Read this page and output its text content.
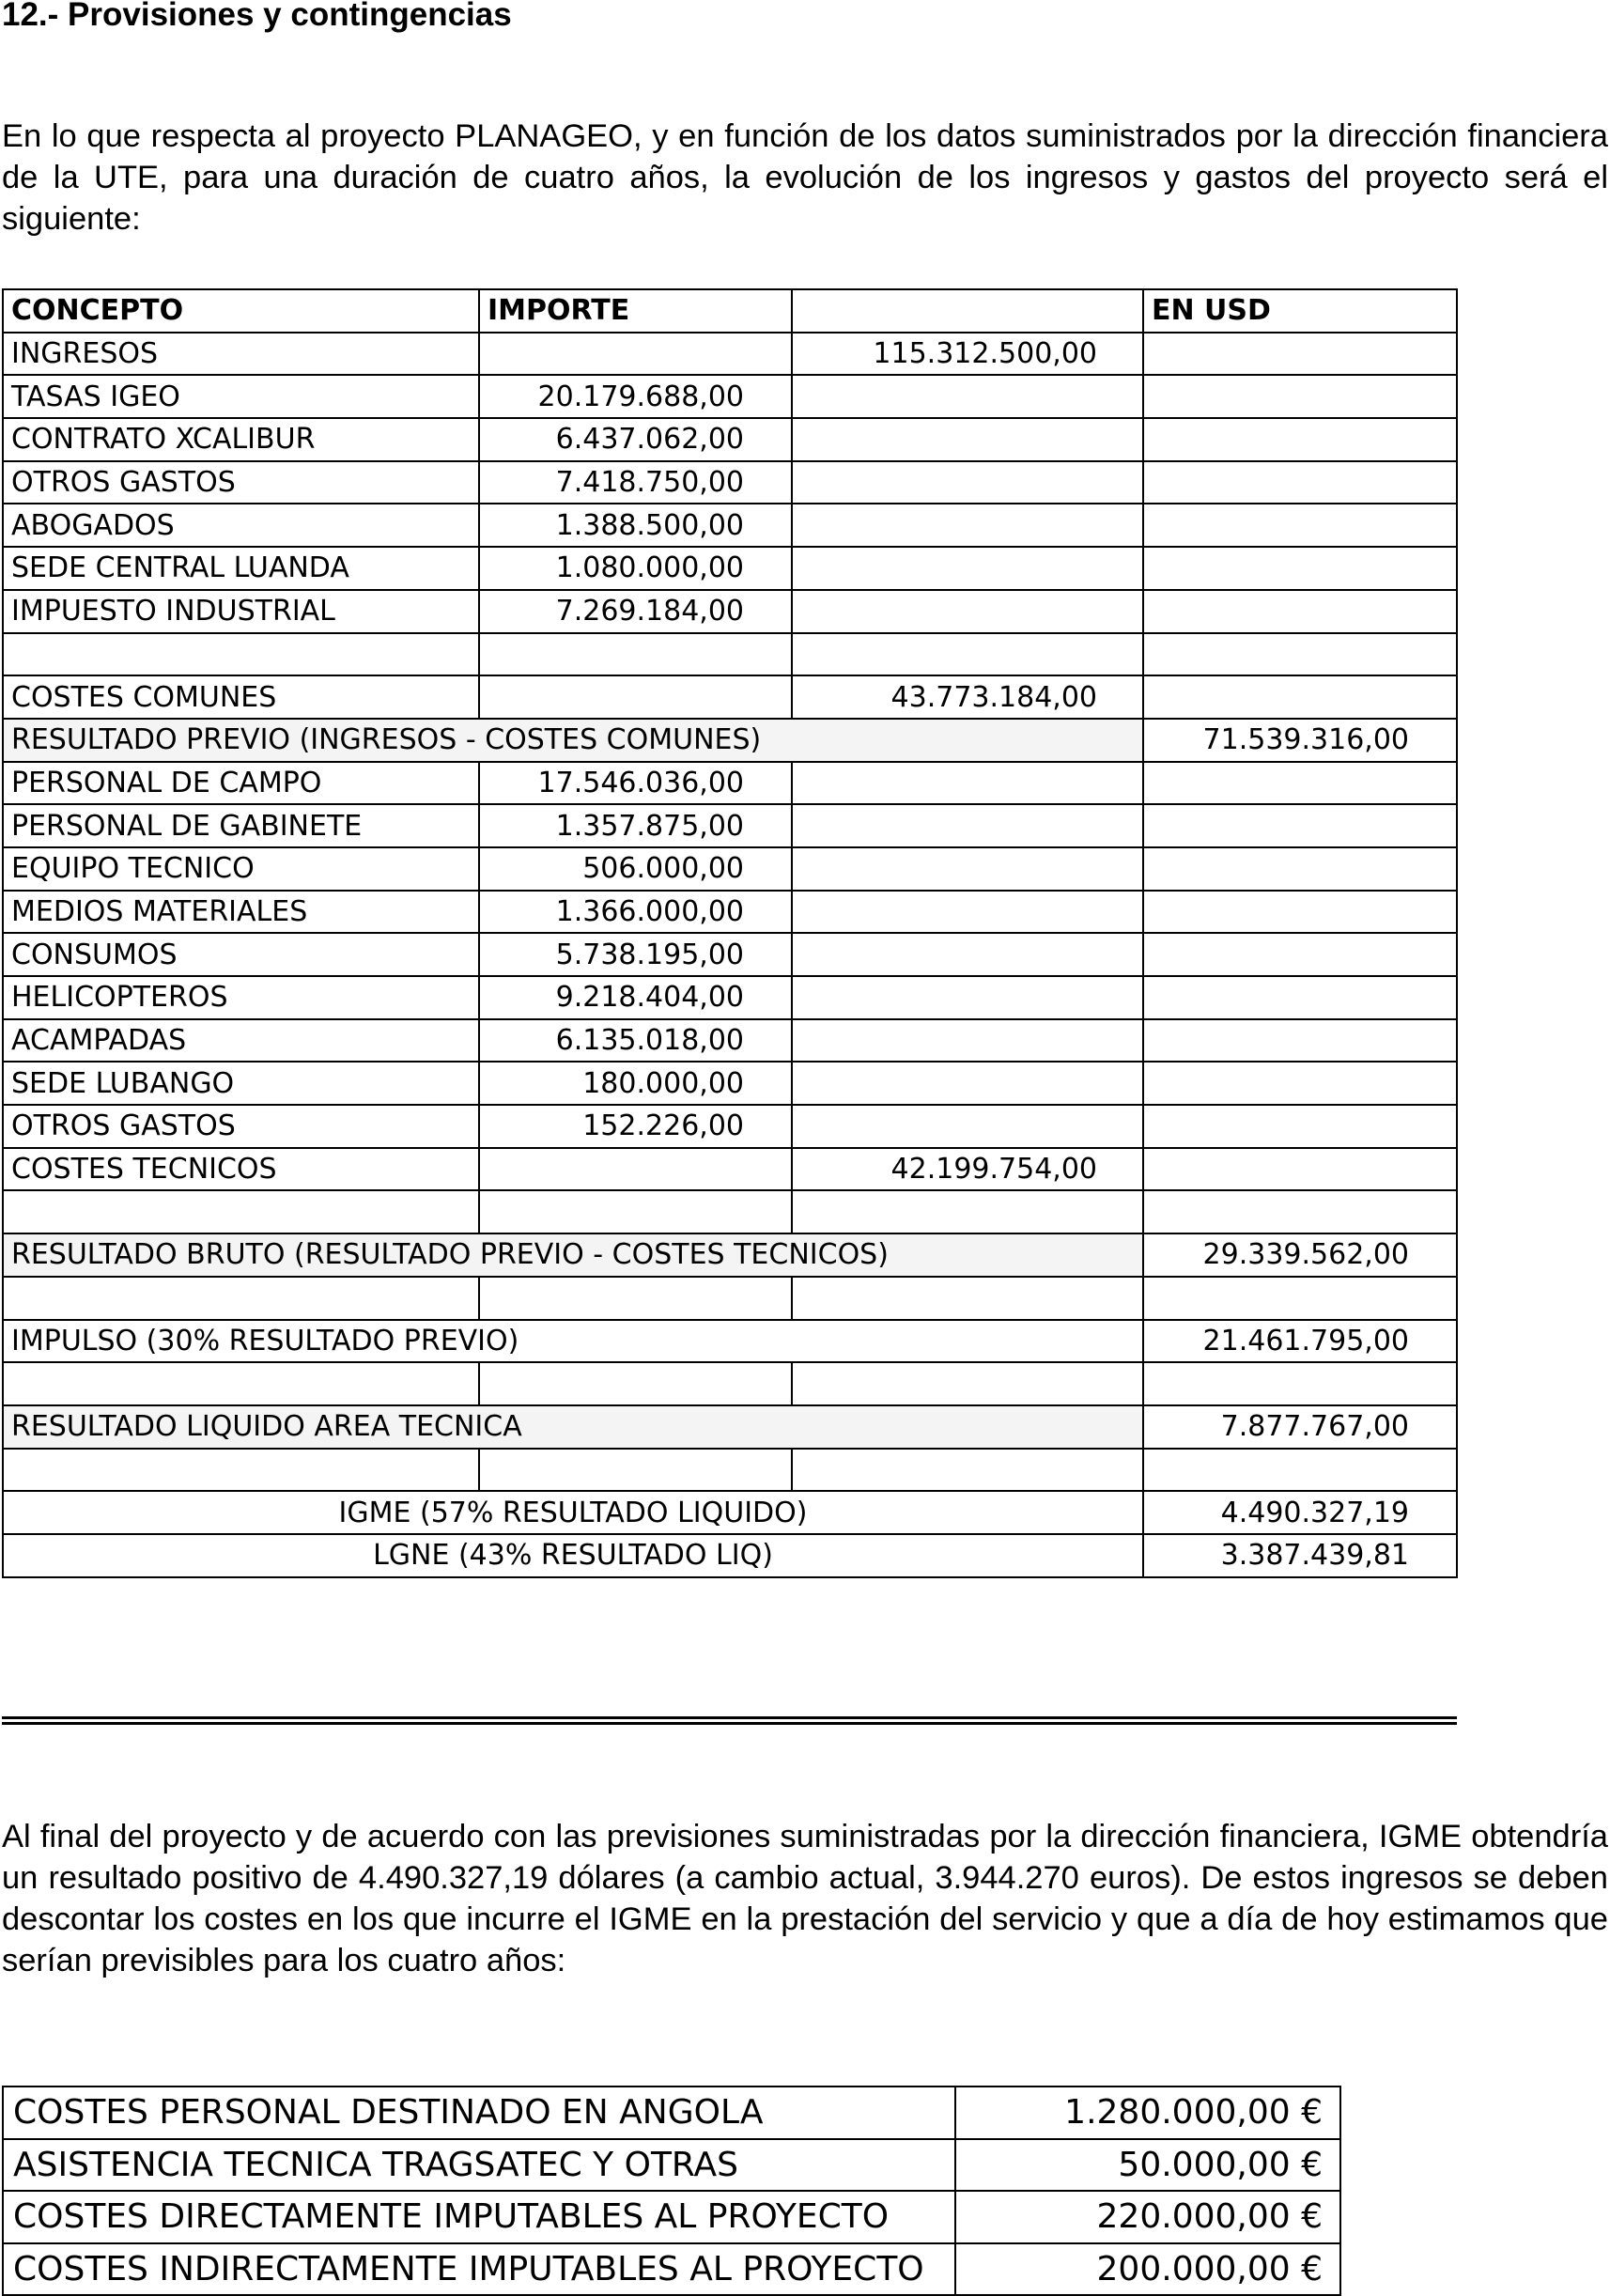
12.- Provisiones y contingencias

En lo que respecta al proyecto PLANAGEO, y en función de los datos suministrados por la dirección financiera de la UTE, para una duración de cuatro años, la evolución de los ingresos y gastos del proyecto será el siguiente:

CONCEPTO	IMPORTE		EN USD
INGRESOS		115.312.500,00	
TASAS IGEO	20.179.688,00		
CONTRATO XCALIBUR	6.437.062,00		
OTROS GASTOS	7.418.750,00		
ABOGADOS	1.388.500,00		
SEDE CENTRAL LUANDA	1.080.000,00		
IMPUESTO INDUSTRIAL	7.269.184,00		

COSTES COMUNES		43.773.184,00	
RESULTADO PREVIO (INGRESOS - COSTES COMUNES)			71.539.316,00
PERSONAL DE CAMPO	17.546.036,00		
PERSONAL DE GABINETE	1.357.875,00		
EQUIPO TECNICO	506.000,00		
MEDIOS MATERIALES	1.366.000,00		
CONSUMOS	5.738.195,00		
HELICOPTEROS	9.218.404,00		
ACAMPADAS	6.135.018,00		
SEDE LUBANGO	180.000,00		
OTROS GASTOS	152.226,00		
COSTES TECNICOS		42.199.754,00	

RESULTADO BRUTO (RESULTADO PREVIO - COSTES TECNICOS)			29.339.562,00

IMPULSO (30% RESULTADO PREVIO)			21.461.795,00

RESULTADO LIQUIDO AREA TECNICA			7.877.767,00

IGME (57% RESULTADO LIQUIDO)			4.490.327,19
LGNE (43% RESULTADO LIQ)			3.387.439,81

Al final del proyecto y de acuerdo con las previsiones suministradas por la dirección financiera, IGME obtendría un resultado positivo de 4.490.327,19 dólares (a cambio actual, 3.944.270 euros). De estos ingresos se deben descontar los costes en los que incurre el IGME en la prestación del servicio y que a día de hoy estimamos que serían previsibles para los cuatro años:

COSTES PERSONAL DESTINADO EN ANGOLA	1.280.000,00 €
ASISTENCIA TECNICA TRAGSATEC Y OTRAS	50.000,00 €
COSTES DIRECTAMENTE IMPUTABLES AL PROYECTO	220.000,00 €
COSTES INDIRECTAMENTE IMPUTABLES AL PROYECTO	200.000,00 €
